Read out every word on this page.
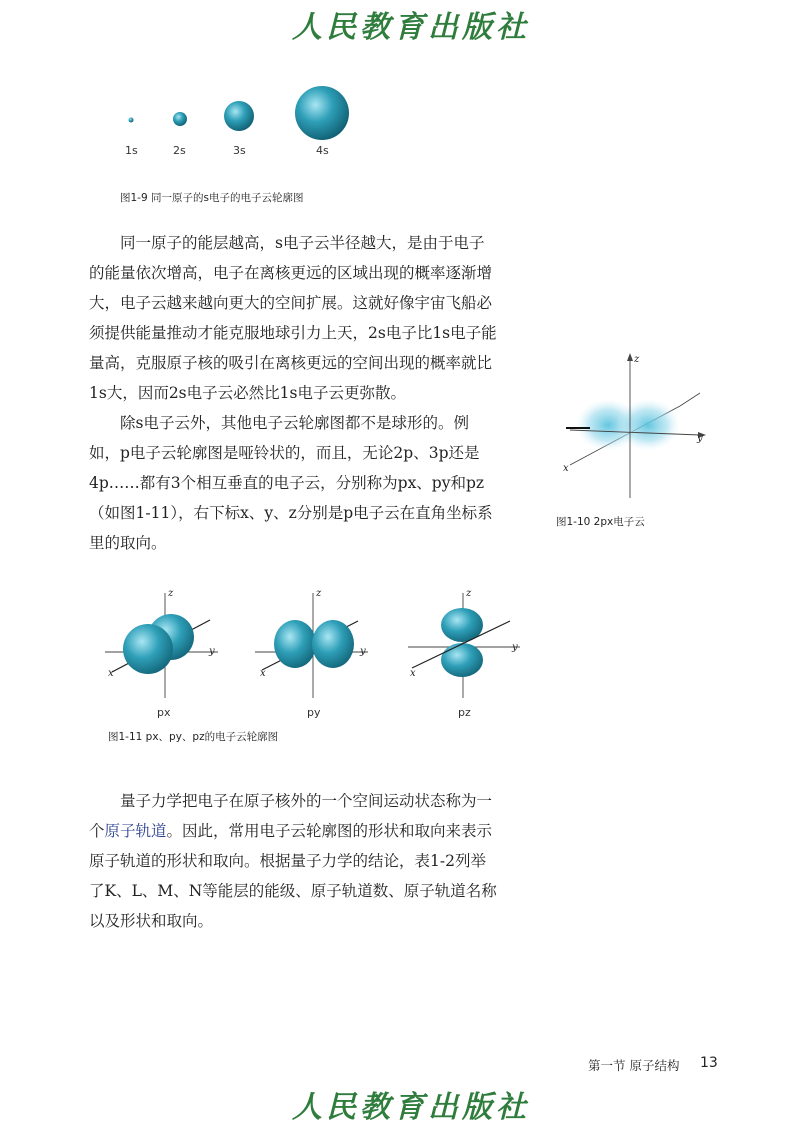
人民教育出版社
1s	2s	3s	4s
图1-9 同一原子的s电子的电子云轮廓图

同一原子的能层越高，s电子云半径越大，是由于电子的能量依次增高，电子在离核更远的区域出现的概率逐渐增大，电子云越来越向更大的空间扩展。这就好像宇宙飞船必须提供能量推动才能克服地球引力上天，2s电子比1s电子能量高，克服原子核的吸引在离核更远的空间出现的概率就比1s大，因而2s电子云必然比1s电子云更弥散。

除s电子云外，其他电子云轮廓图都不是球形的。例如，p电子云轮廓图是哑铃状的，而且，无论2p、3p还是4p……都有3个相互垂直的电子云，分别称为px、py和pz（如图1-11），右下标x、y、z分别是p电子云在直角坐标系里的取向。

z
y
x
图1-10 2px电子云
z
y
x
z
y
x
z
y
x
px	py	pz
图1-11 px、py、pz的电子云轮廓图

量子力学把电子在原子核外的一个空间运动状态称为一个原子轨道。因此，常用电子云轮廓图的形状和取向来表示原子轨道的形状和取向。根据量子力学的结论，表1-2列举了K、L、M、N等能层的能级、原子轨道数、原子轨道名称以及形状和取向。

第一节 原子结构 13
人民教育出版社
